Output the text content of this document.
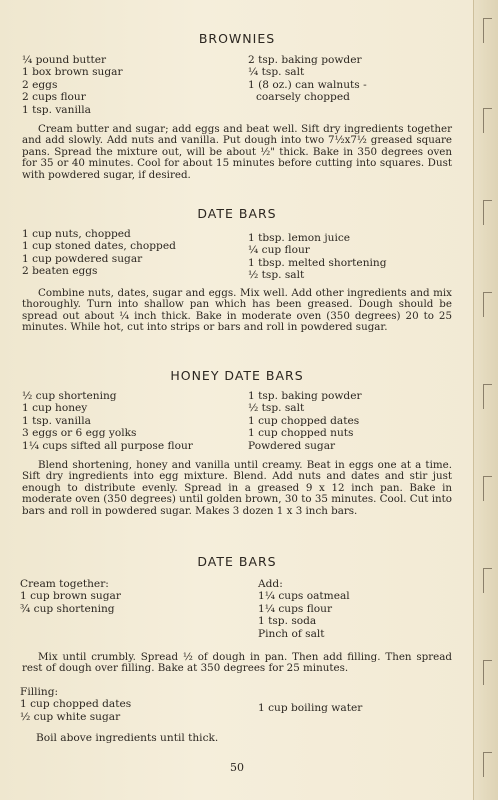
BROWNIES
¼ pound butter
1 box brown sugar
2 eggs
2 cups flour
1 tsp. vanilla
2 tsp. baking powder
¼ tsp. salt
1 (8 oz.) can walnuts -
coarsely chopped
Cream butter and sugar; add eggs and beat well. Sift dry ingredients together and add slowly. Add nuts and vanilla. Put dough into two 7½x7½ greased square pans. Spread the mixture out, will be about ½" thick. Bake in 350 degrees oven for 35 or 40 minutes. Cool for about 15 minutes before cutting into squares. Dust with powdered sugar, if desired.
DATE BARS
1 cup nuts, chopped
1 cup stoned dates, chopped
1 cup powdered sugar
2 beaten eggs
1 tbsp. lemon juice
¼ cup flour
1 tbsp. melted shortening
½ tsp. salt
Combine nuts, dates, sugar and eggs. Mix well. Add other ingredients and mix thoroughly. Turn into shallow pan which has been greased. Dough should be spread out about ¼ inch thick. Bake in moderate oven (350 degrees) 20 to 25 minutes. While hot, cut into strips or bars and roll in powdered sugar.
HONEY DATE BARS
½ cup shortening
1 cup honey
1 tsp. vanilla
3 eggs or 6 egg yolks
1¼ cups sifted all purpose flour
1 tsp. baking powder
½ tsp. salt
1 cup chopped dates
1 cup chopped nuts
Powdered sugar
Blend shortening, honey and vanilla until creamy. Beat in eggs one at a time. Sift dry ingredients into egg mixture. Blend. Add nuts and dates and stir just enough to distribute evenly. Spread in a greased 9 x 12 inch pan. Bake in moderate oven (350 degrees) until golden brown, 30 to 35 minutes. Cool. Cut into bars and roll in powdered sugar. Makes 3 dozen 1 x 3 inch bars.
DATE BARS
Cream together:
1 cup brown sugar
¾ cup shortening
Add:
1¼ cups oatmeal
1¼ cups flour
1 tsp. soda
Pinch of salt
Mix until crumbly. Spread ½ of dough in pan. Then add filling. Then spread rest of dough over filling. Bake at 350 degrees for 25 minutes.
Filling:
1 cup chopped dates
½ cup white sugar
1 cup boiling water
Boil above ingredients until thick.
50
